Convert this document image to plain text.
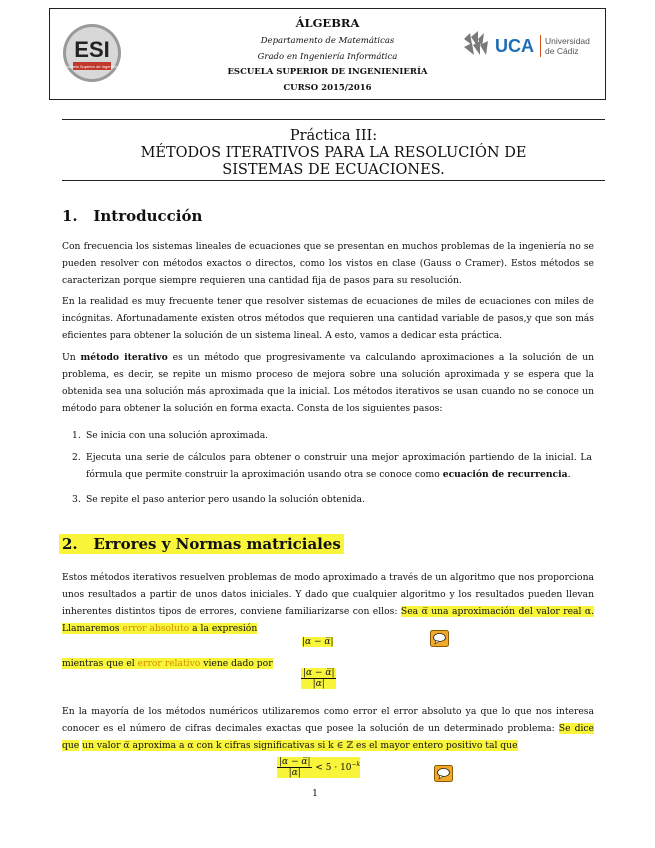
ESI
Escuela Superior de Ingeniería
ÁLGEBRA
Departamento de Matemáticas
Grado en Ingeniería Informática
ESCUELA SUPERIOR DE INGENIENIERÍA
CURSO 2015/2016
UCA Universidad
de Cádiz
Práctica III:
MÉTODOS ITERATIVOS PARA LA RESOLUCIÓN DE
SISTEMAS DE ECUACIONES.
1. Introducción
Con frecuencia los sistemas lineales de ecuaciones que se presentan en muchos problemas de la ingeniería no se pueden resolver con métodos exactos o directos, como los vistos en clase (Gauss o Cramer). Estos métodos se caracterizan porque siempre requieren una cantidad fija de pasos para su resolución.
En la realidad es muy frecuente tener que resolver sistemas de ecuaciones de miles de ecuaciones con miles de incógnitas. Afortunadamente existen otros métodos que requieren una cantidad variable de pasos,y que son más eficientes para obtener la solución de un sistema lineal. A esto, vamos a dedicar esta práctica.
Un método iterativo es un método que progresivamente va calculando aproximaciones a la solución de un problema, es decir, se repite un mismo proceso de mejora sobre una solución aproximada y se espera que la obtenida sea una solución más aproximada que la inicial. Los métodos iterativos se usan cuando no se conoce un método para obtener la solución en forma exacta. Consta de los siguientes pasos:
1. Se inicia con una solución aproximada.
2. Ejecuta una serie de cálculos para obtener o construir una mejor aproximación partiendo de la inicial. La fórmula que permite construir la aproximación usando otra se conoce como ecuación de recurrencia.
3. Se repite el paso anterior pero usando la solución obtenida.
2. Errores y Normas matriciales
Estos métodos iterativos resuelven problemas de modo aproximado a través de un algoritmo que nos proporciona unos resultados a partir de unos datos iniciales. Y dado que cualquier algoritmo y los resultados pueden llevan inherentes distintos tipos de errores, conviene familiarizarse con ellos: Sea α̅ una aproximación del valor real α. Llamaremos error absoluto a la expresión
|α − α̅|
mientras que el error relativo viene dado por
$\frac{|\alpha - \alpha̅|}{|\alpha|}$
En la mayoría de los métodos numéricos utilizaremos como error el error absoluto ya que lo que nos interesa conocer es el número de cifras decimales exactas que posee la solución de un determinado problema: Se dice que un valor α̅ aproxima a α con k cifras significativas si k ∈ ℤ es el mayor entero positivo tal que
$\frac{|\alpha - \alpha̅|}{|\alpha|} < 5 \cdot 10^{-k}$
1
